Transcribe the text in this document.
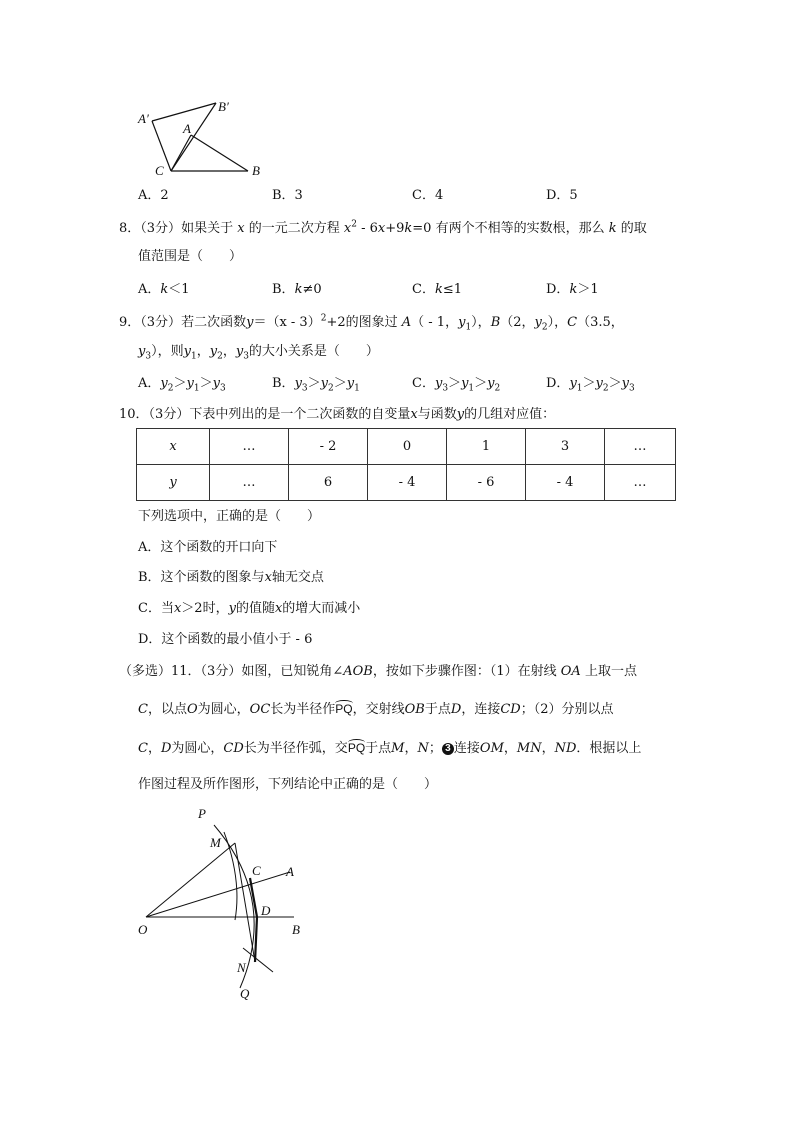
A′
B′
A
B
C
A．2	B．3	C．4	D．5
8．（3分）如果关于 x 的一元二次方程 $x^2 - 6x+9k=0$ 有两个不相等的实数根，那么 k 的取
值范围是（　　）
A．k＜1	B．k≠0	C．k≤1	D．k＞1
9．（3分）若二次函数y＝（x - 3）$^2$+2的图象过 A（ - 1，$y_1$），B（2，$y_2$），C（3.5，
$y_3$），则$y_1$，$y_2$，$y_3$的大小关系是（　　）
A．$y_2>y_1>y_3$	B．$y_3>y_2>y_1$	C．$y_3>y_1>y_2$	D．$y_1>y_2>y_3$
10．（3分）下表中列出的是一个二次函数的自变量x与函数y的几组对应值：
x	…	- 2	0	1	3	…
y	…	6	- 4	- 6	- 4	…
下列选项中，正确的是（　　）
A．这个函数的开口向下
B．这个函数的图象与x轴无交点
C．当x＞2时，y的值随x的增大而减小
D．这个函数的最小值小于 - 6
（多选）11．（3分）如图，已知锐角∠AOB，按如下步骤作图：（1）在射线 OA 上取一点
C，以点O为圆心，OC长为半径作PQ，交射线OB于点D，连接CD；（2）分别以点
C，D为圆心，CD长为半径作弧，交PQ于点M，N； 3 连接OM，MN，ND．根据以上
作图过程及所作图形，下列结论中正确的是（　　）
P
M
C A
D
O	B
N
Q
